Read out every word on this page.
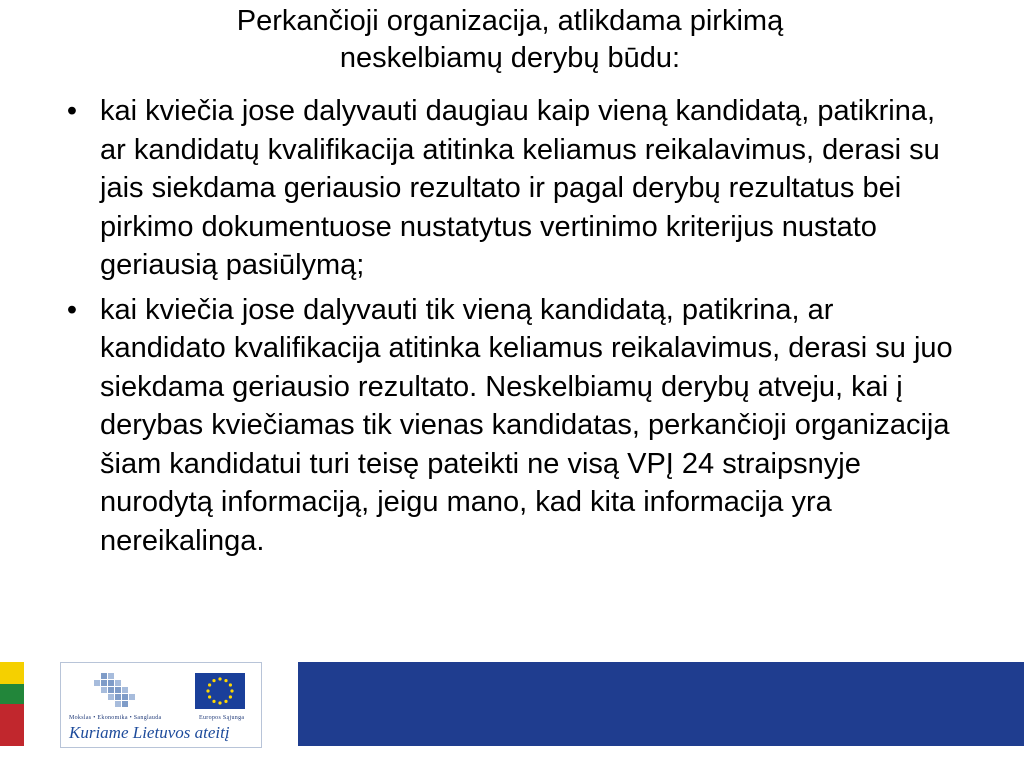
Perkančioji organizacija, atlikdama pirkimą
neskelbiamų derybų būdu:
• kai kviečia jose dalyvauti daugiau kaip vieną kandidatą, patikrina, ar kandidatų kvalifikacija atitinka keliamus reikalavimus, derasi su jais siekdama geriausio rezultato ir pagal derybų rezultatus bei pirkimo dokumentuose nustatytus vertinimo kriterijus nustato geriausią pasiūlymą;
• kai kviečia jose dalyvauti tik vieną kandidatą, patikrina, ar kandidato kvalifikacija atitinka keliamus reikalavimus, derasi su juo siekdama geriausio rezultato. Neskelbiamų derybų atveju, kai į derybas kviečiamas tik vienas kandidatas, perkančioji organizacija šiam kandidatui turi teisę pateikti ne visą VPĮ 24 straipsnyje nurodytą informaciją, jeigu mano, kad kita informacija yra nereikalinga.
Mokslas • Ekonomika • Sanglauda	Europos Sąjunga
Kuriame Lietuvos ateitį
